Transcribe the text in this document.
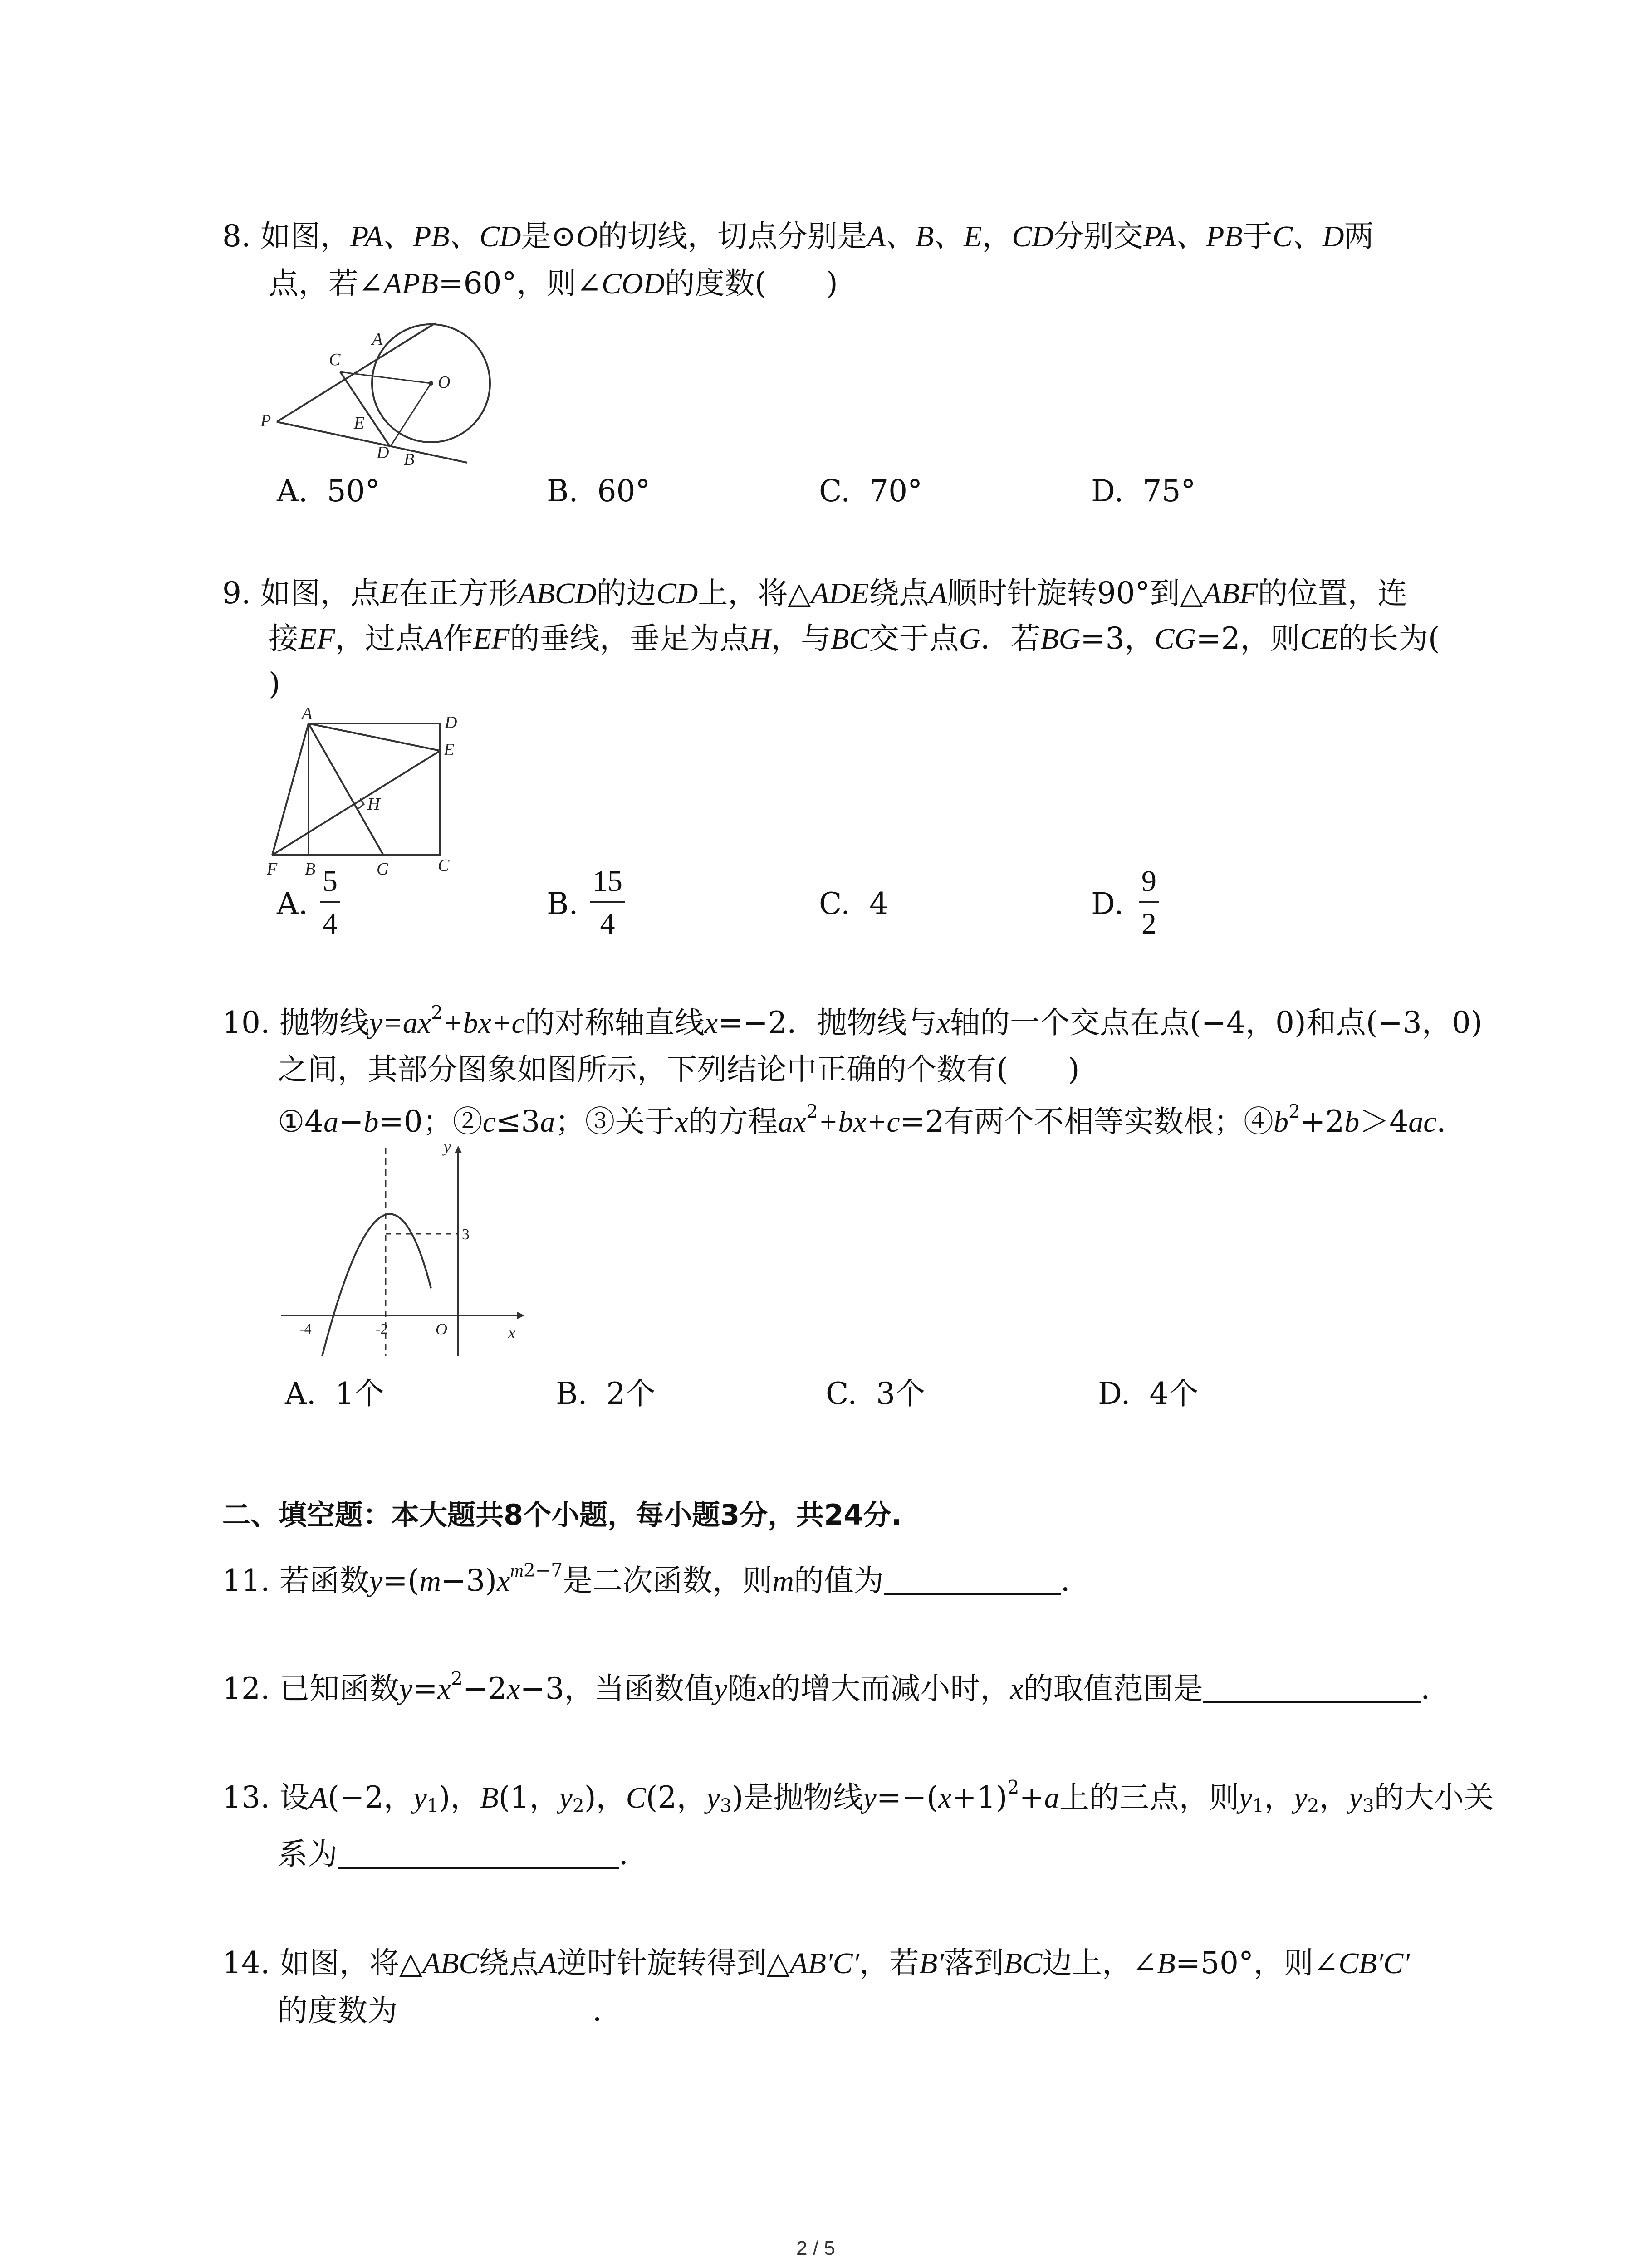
8. 如图，PA、PB、CD是⊙O的切线，切点分别是A、B、E，CD分别交PA、PB于C、D两
点，若∠APB=60°，则∠COD的度数(　　)
A
C
O
P	E
D B
A. 50°	B. 60°	C. 70°	D. 75°
9. 如图，点E在正方形ABCD的边CD上，将△ADE绕点A顺时针旋转90°到△ABF的位置，连
接EF，过点A作EF的垂线，垂足为点H，与BC交于点G．若BG=3，CG=2，则CE的长为(
)
A	D
E
H
F B	G	C
A. $\frac{5}{4}$	B. $\frac{15}{4}$	C. 4	D. $\frac{9}{2}$
10. 抛物线$y=ax^2+bx+c$的对称轴直线x=−2．抛物线与x轴的一个交点在点(−4，0)和点(−3，0)
之间，其部分图象如图所示，下列结论中正确的个数有(　　)
①4a−b=0；②c≤3a；③关于x的方程$ax^2+bx+c=2$有两个不相等实数根；$④b^2+2b>4ac$．
y
x
3
-4	-2	O
A. 1个	B. 2个	C. 3个	D. 4个
二、填空题：本大题共8个小题，每小题3分，共24分.
11. 若函数$y=(m-3)x^{m2-7}$是二次函数，则m的值为	．
12. 已知函数$y=x^2-2x-3$，当函数值y随x的增大而减小时，x的取值范围是	．
13. 设A(−2，$y_1$)，B(1，$y_2$)，C(2，$y_3$)是抛物线$y=-(x+1)^2+a$上的三点，则$y_1$，$y_2$，$y_3$的大小关
系为	．
14. 如图，将△ABC绕点A逆时针旋转得到△AB′C′，若B′落到BC边上，∠B=50°，则∠CB′C′
的度数为	．
2 / 5
